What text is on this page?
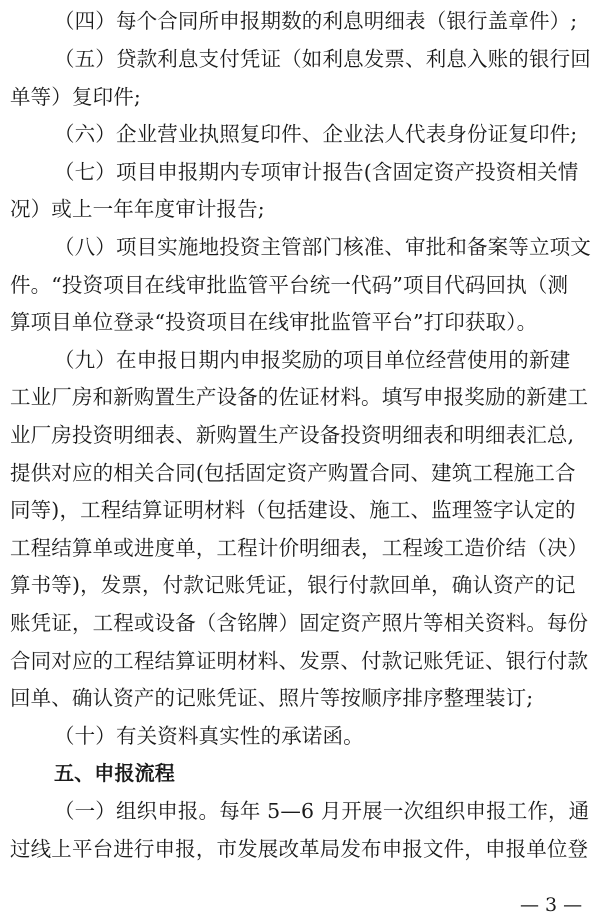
（四）每个合同所申报期数的利息明细表（银行盖章件）;
（五）贷款利息支付凭证（如利息发票、利息入账的银行回
单等）复印件;
（六）企业营业执照复印件、企业法人代表身份证复印件;
（七）项目申报期内专项审计报告(含固定资产投资相关情
况）或上一年年度审计报告;
（八）项目实施地投资主管部门核准、审批和备案等立项文
件。“投资项目在线审批监管平台统一代码”项目代码回执（测
算项目单位登录“投资项目在线审批监管平台”打印获取）。
（九）在申报日期内申报奖励的项目单位经营使用的新建
工业厂房和新购置生产设备的佐证材料。填写申报奖励的新建工
业厂房投资明细表、新购置生产设备投资明细表和明细表汇总,
提供对应的相关合同(包括固定资产购置合同、建筑工程施工合
同等)，工程结算证明材料（包括建设、施工、监理签字认定的
工程结算单或进度单，工程计价明细表，工程竣工造价结（决）
算书等)，发票，付款记账凭证，银行付款回单，确认资产的记
账凭证，工程或设备（含铭牌）固定资产照片等相关资料。每份
合同对应的工程结算证明材料、发票、付款记账凭证、银行付款
回单、确认资产的记账凭证、照片等按顺序排序整理装订;
（十）有关资料真实性的承诺函。
五、申报流程
（一）组织申报。每年 5—6 月开展一次组织申报工作，通
过线上平台进行申报，市发展改革局发布申报文件，申报单位登
— 3 —
